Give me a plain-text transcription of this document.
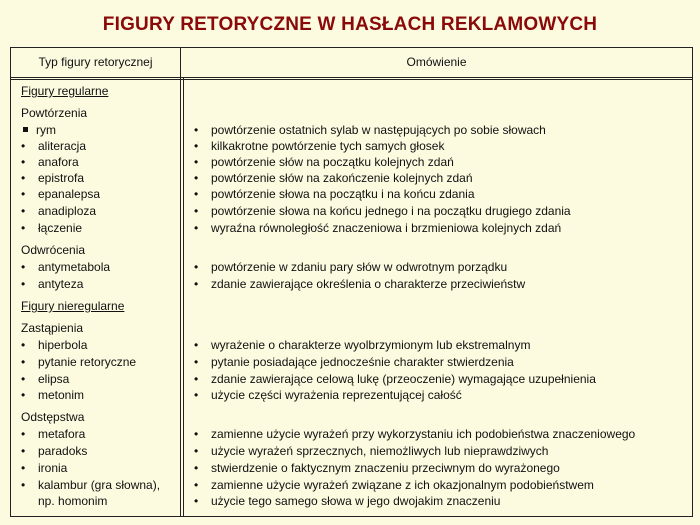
FIGURY RETORYCZNE W HASŁACH REKLAMOWYCH
Typ figury retorycznej	Omówienie
Figury regularne
Powtórzenia
rym
• aliteracja
• anafora
• epistrofa
• epanalepsa
• anadiploza
• łączenie
• powtórzenie ostatnich sylab w następujących po sobie słowach
• kilkakrotne powtórzenie tych samych głosek
• powtórzenie słów na początku kolejnych zdań
• powtórzenie słów na zakończenie kolejnych zdań
• powtórzenie słowa na początku i na końcu zdania
• powtórzenie słowa na końcu jednego i na początku drugiego zdania
• wyraźna równoległość znaczeniowa i brzmieniowa kolejnych zdań
Odwrócenia
• antymetabola
• antyteza
• powtórzenie w zdaniu pary słów w odwrotnym porządku
• zdanie zawierające określenia o charakterze przeciwieństw
Figury nieregularne
Zastąpienia
• hiperbola
• pytanie retoryczne
• elipsa
• metonim
• wyrażenie o charakterze wyolbrzymionym lub ekstremalnym
• pytanie posiadające jednocześnie charakter stwierdzenia
• zdanie zawierające celową lukę (przeoczenie) wymagające uzupełnienia
• użycie części wyrażenia reprezentującej całość
Odstępstwa
• metafora
• paradoks
• ironia
• kalambur (gra słowna),
np. homonim
• zamienne użycie wyrażeń przy wykorzystaniu ich podobieństwa znaczeniowego
• użycie wyrażeń sprzecznych, niemożliwych lub nieprawdziwych
• stwierdzenie o faktycznym znaczeniu przeciwnym do wyrażonego
• zamienne użycie wyrażeń związane z ich okazjonalnym podobieństwem
• użycie tego samego słowa w jego dwojakim znaczeniu
